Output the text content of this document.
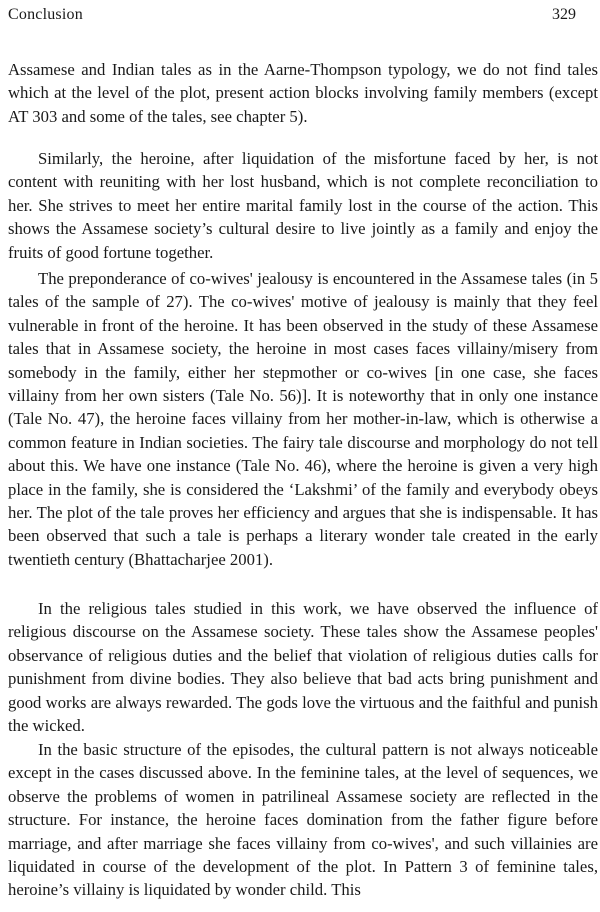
Conclusion	329

Assamese and Indian tales as in the Aarne-Thompson typology, we do not find tales which at the level of the plot, present action blocks involving family members (except AT 303 and some of the tales, see chapter 5).

Similarly, the heroine, after liquidation of the misfortune faced by her, is not content with reuniting with her lost husband, which is not complete reconciliation to her. She strives to meet her entire marital family lost in the course of the action. This shows the Assamese society’s cultural desire to live jointly as a family and enjoy the fruits of good fortune together.

The preponderance of co-wives' jealousy is encountered in the Assamese tales (in 5 tales of the sample of 27). The co-wives' motive of jealousy is mainly that they feel vulnerable in front of the heroine. It has been observed in the study of these Assamese tales that in Assamese society, the heroine in most cases faces villainy/misery from somebody in the family, either her stepmother or co-wives [in one case, she faces villainy from her own sisters (Tale No. 56)]. It is noteworthy that in only one instance (Tale No. 47), the heroine faces villainy from her mother-in-law, which is otherwise a common feature in Indian societies. The fairy tale discourse and morphology do not tell about this. We have one instance (Tale No. 46), where the heroine is given a very high place in the family, she is considered the ‘Lakshmi’ of the family and everybody obeys her. The plot of the tale proves her efficiency and argues that she is indispensable. It has been observed that such a tale is perhaps a literary wonder tale created in the early twentieth century (Bhattacharjee 2001).

In the religious tales studied in this work, we have observed the influence of religious discourse on the Assamese society. These tales show the Assamese peoples' observance of religious duties and the belief that violation of religious duties calls for punishment from divine bodies. They also believe that bad acts bring punishment and good works are always rewarded. The gods love the virtuous and the faithful and punish the wicked.

In the basic structure of the episodes, the cultural pattern is not always noticeable except in the cases discussed above. In the feminine tales, at the level of sequences, we observe the problems of women in patrilineal Assamese society are reflected in the structure. For instance, the heroine faces domination from the father figure before marriage, and after marriage she faces villainy from co-wives', and such villainies are liquidated in course of the development of the plot. In Pattern 3 of feminine tales, heroine’s villainy is liquidated by wonder child. This
